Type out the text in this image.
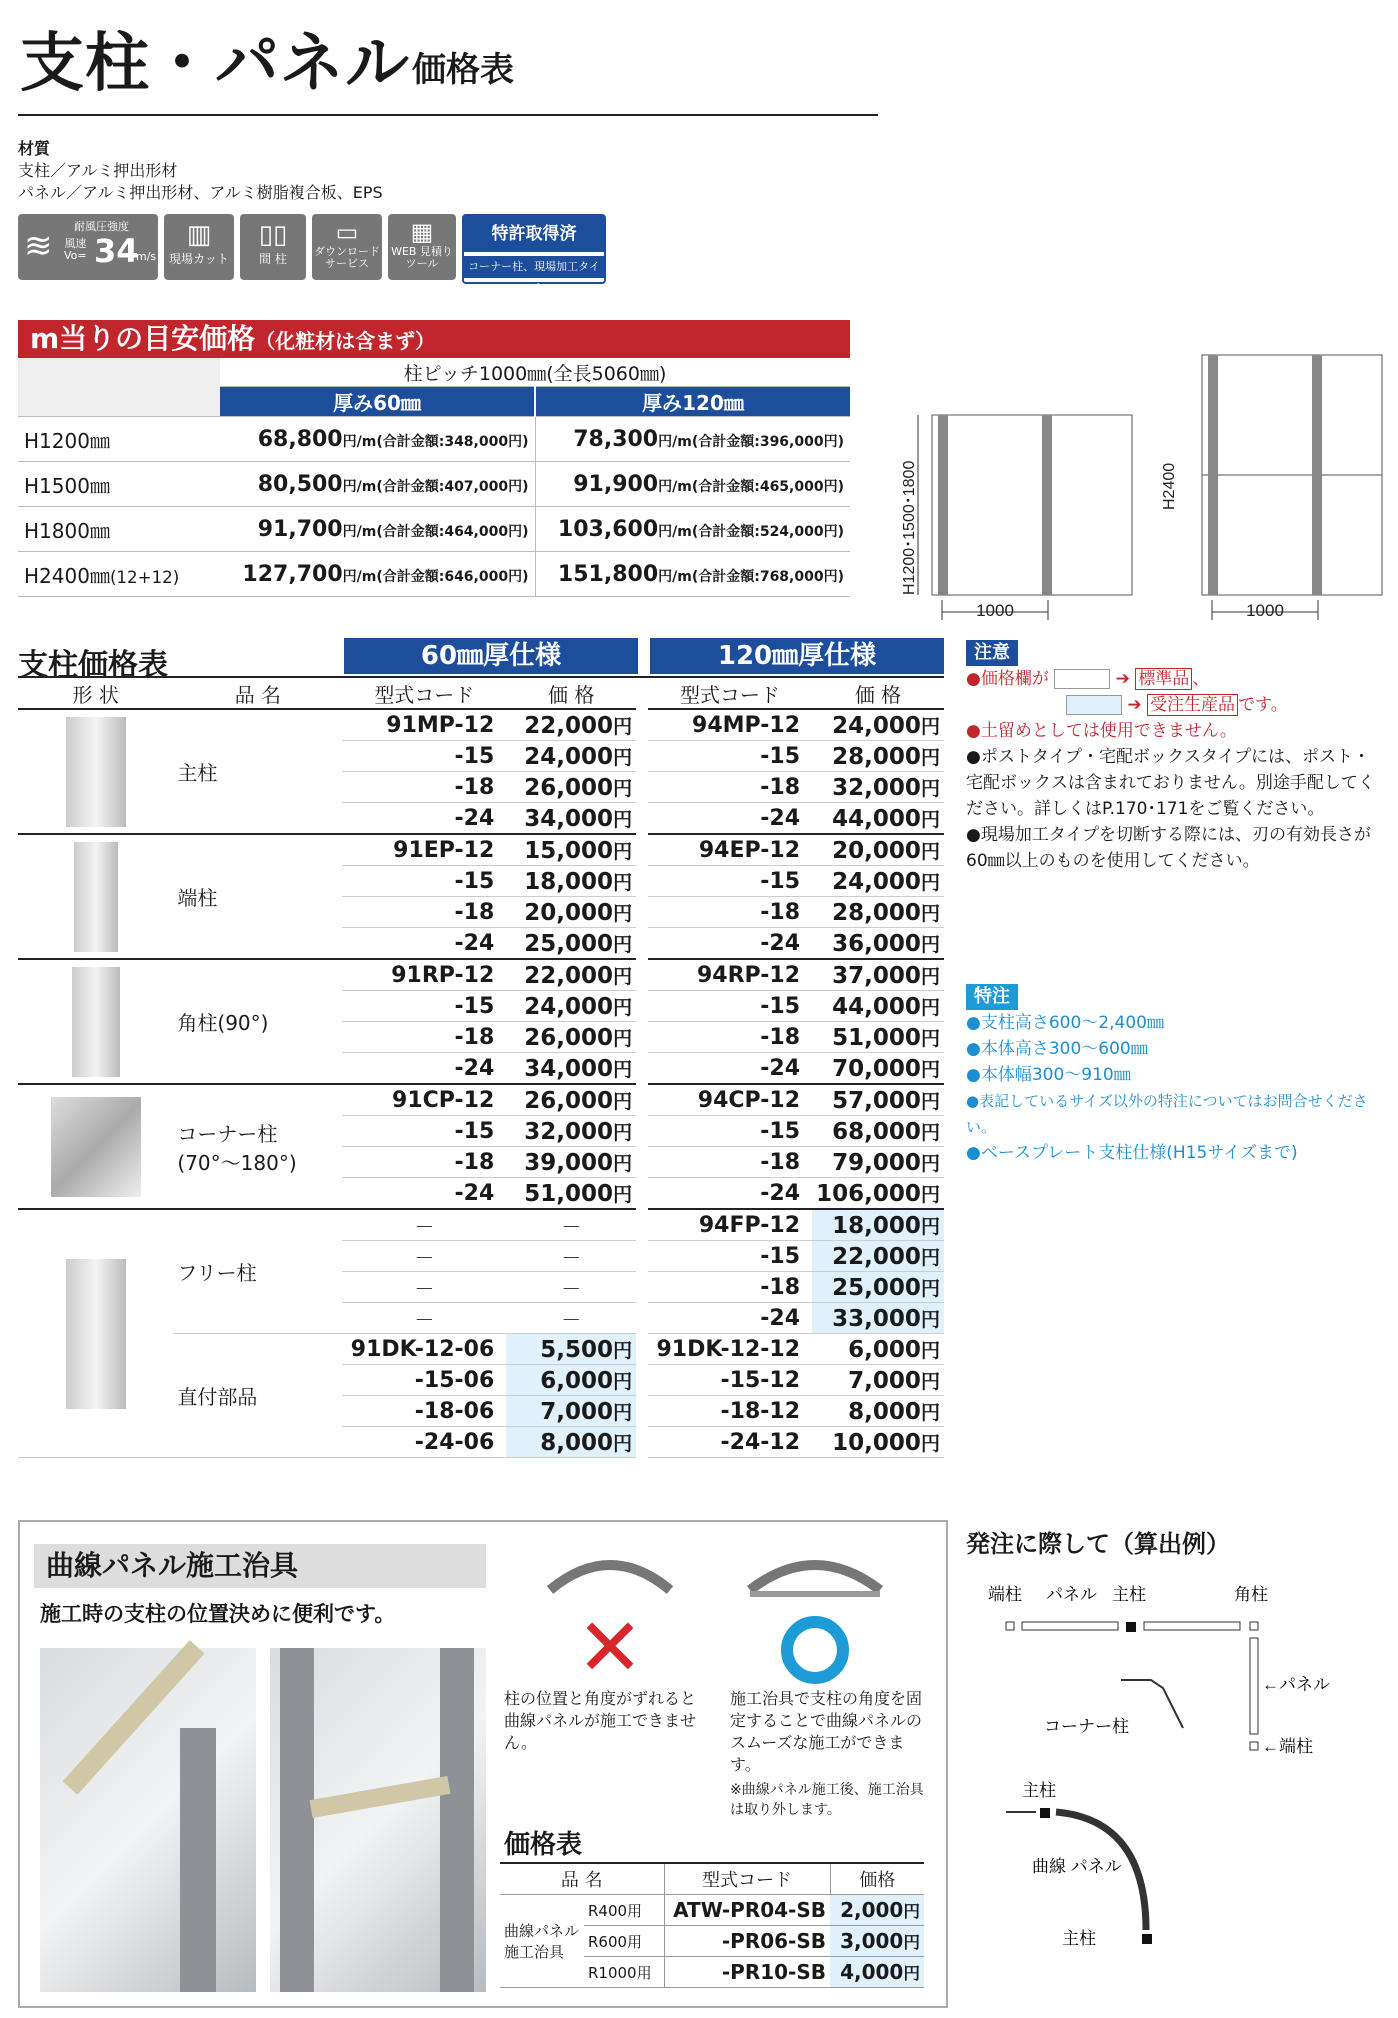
支柱・パネル 価格表
材質
支柱／アルミ押出形材
パネル／アルミ押出形材、アルミ樹脂複合板、EPS
≋ 耐風圧強度
風速
Vo= 34
m/s
▥
現場カット
▯▯
間 柱
▭
ダウンロード サービス
▦
WEB 見積りツール
特許取得済
コーナー柱、現場加工タイプ
m当りの目安価格（化粧材は含まず）
	柱ピッチ1000㎜(全長5060㎜)	
	厚み60㎜	厚み120㎜
H1200㎜	68,800円/m(合計金額:348,000円)	78,300円/m(合計金額:396,000円)
H1500㎜	80,500円/m(合計金額:407,000円)	91,900円/m(合計金額:465,000円)
H1800㎜	91,700円/m(合計金額:464,000円)	103,600円/m(合計金額:524,000円)
H2400㎜(12+12)	127,700円/m(合計金額:646,000円)	151,800円/m(合計金額:768,000円)
1000
H1200･1500･1800
1000
H2400
支柱価格表	60㎜厚仕様	120㎜厚仕様
形 状	品 名	型式コード	価 格		型式コード	価 格

	主柱	91MP-12	22,000円		94MP-12	24,000円
		-15	24,000円		-15	28,000円
		-18	26,000円		-18	32,000円
		-24	34,000円		-24	44,000円

	端柱	91EP-12	15,000円		94EP-12	20,000円
		-15	18,000円		-15	24,000円
		-18	20,000円		-18	28,000円
		-24	25,000円		-24	36,000円

	角柱(90°)	91RP-12	22,000円		94RP-12	37,000円
		-15	24,000円		-15	44,000円
		-18	26,000円		-18	51,000円
		-24	34,000円		-24	70,000円

	コーナー柱 (70°〜180°)	91CP-12	26,000円		94CP-12	57,000円
		-15	32,000円		-15	68,000円
		-18	39,000円		-18	79,000円
		-24	51,000円		-24	106,000円

	フリー柱	－	－		94FP-12	18,000円
		－	－		-15	22,000円
		－	－		-18	25,000円
		－	－		-24	33,000円
	直付部品	91DK-12-06	5,500円		91DK-12-12	6,000円
		-15-06	6,000円		-15-12	7,000円
		-18-06	7,000円		-18-12	8,000円
		-24-06	8,000円		-24-12	10,000円
注意
●価格欄が	➔ 標準品 、
➔ 受注生産品 です。
●土留めとしては使用できません。
●ポストタイプ・宅配ボックスタイプには、ポスト・宅配ボックスは含まれておりません。別途手配してください。詳しくはP.170･171をご覧ください。
●現場加工タイプを切断する際には、刃の有効長さが60㎜以上のものを使用してください。
特注
●支柱高さ600〜2,400㎜
●本体高さ300〜600㎜
●本体幅300〜910㎜
●表記しているサイズ以外の特注についてはお問合せください。
●ベースプレート支柱仕様(H15サイズまで)
曲線パネル施工治具
施工時の支柱の位置決めに便利です。 ✕
柱の位置と角度がずれると曲線パネルが施工できません。
施工治具で支柱の角度を固定することで曲線パネルのスムーズな施工ができます。
※曲線パネル施工後、施工治具は取り外します。
価格表
品 名		型式コード	価格
曲線パネル施工治具	R400用	ATW-PR04-SB	2,000円
	R600用	-PR06-SB	3,000円
	R1000用	-PR10-SB	4,000円
発注に際して（算出例）
端柱 パネル 主柱	角柱
←パネル
←端柱
コーナー柱
主柱
曲線 パネル
主柱
